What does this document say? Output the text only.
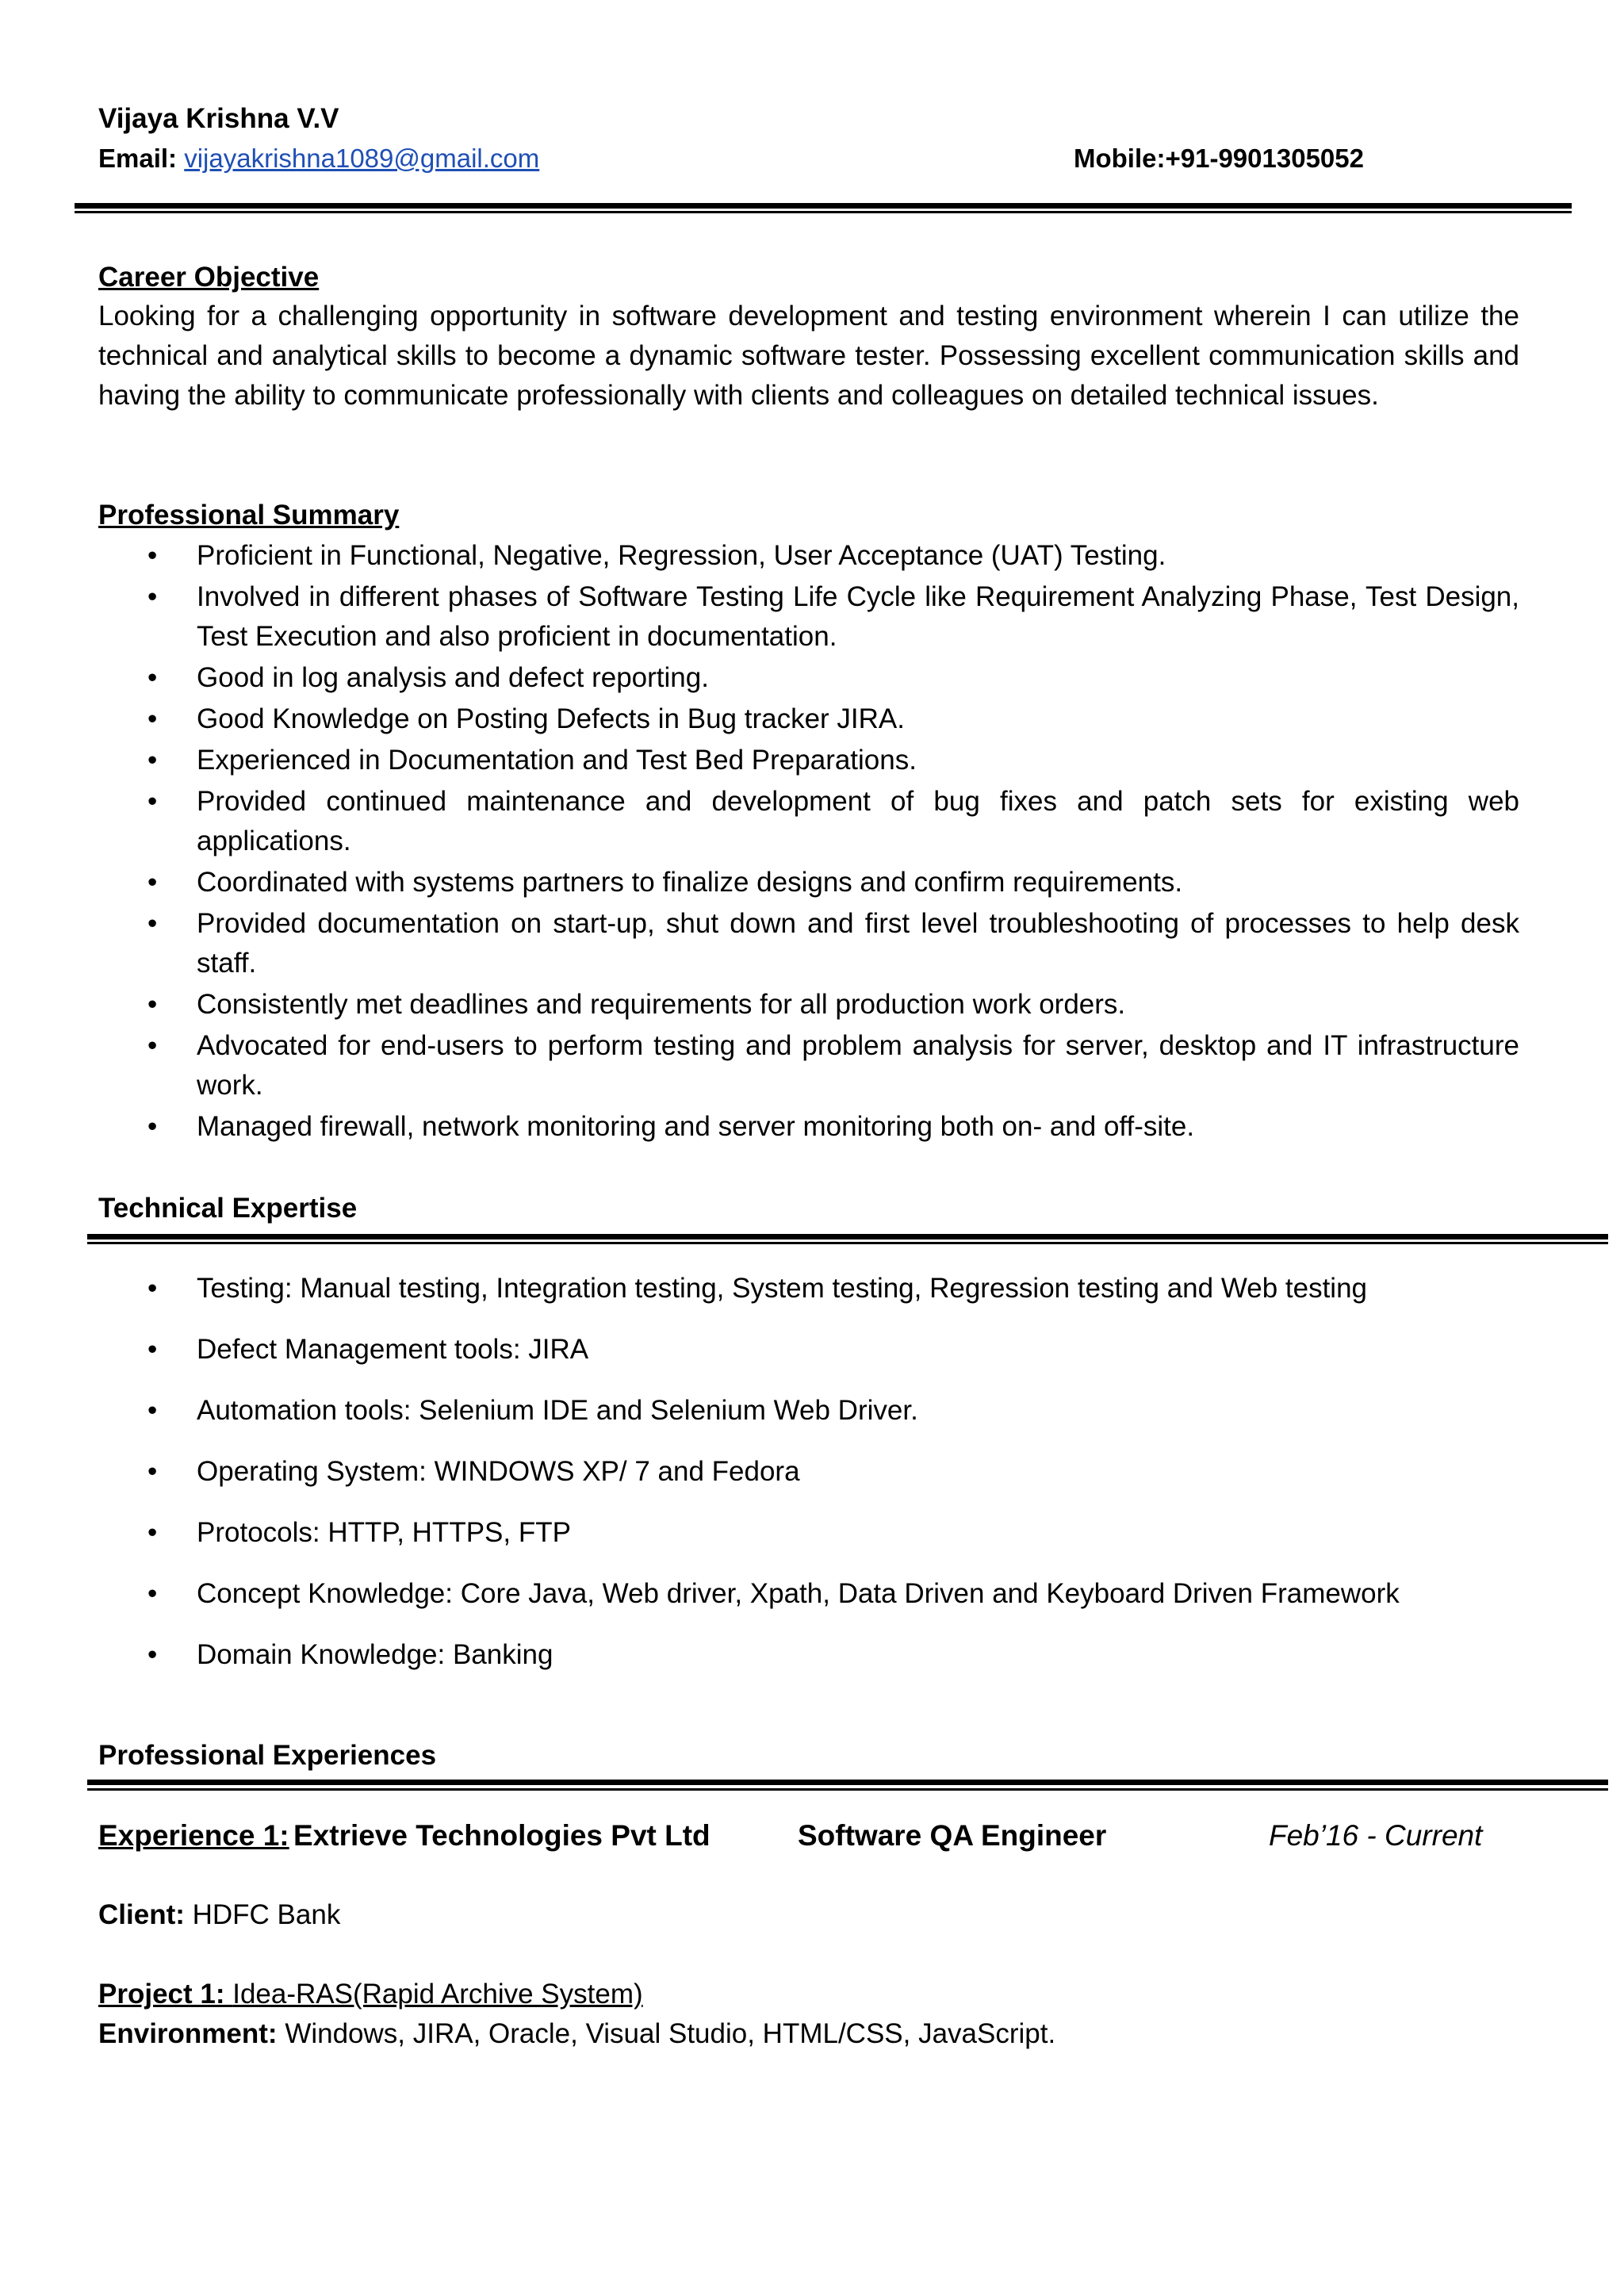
Vijaya Krishna V.V
Email: vijayakrishna1089@gmail.com	Mobile:+91-9901305052
Career Objective
Looking for a challenging opportunity in software development and testing environment wherein I can utilize the technical and analytical skills to become a dynamic software tester. Possessing excellent communication skills and having the ability to communicate professionally with clients and colleagues on detailed technical issues.
Professional Summary
• Proficient in Functional, Negative, Regression, User Acceptance (UAT) Testing.
• Involved in different phases of Software Testing Life Cycle like Requirement Analyzing Phase, Test Design, Test Execution and also proficient in documentation.
• Good in log analysis and defect reporting.
• Good Knowledge on Posting Defects in Bug tracker JIRA.
• Experienced in Documentation and Test Bed Preparations.
• Provided continued maintenance and development of bug fixes and patch sets for existing web applications.
• Coordinated with systems partners to finalize designs and confirm requirements.
• Provided documentation on start-up, shut down and first level troubleshooting of processes to help desk staff.
• Consistently met deadlines and requirements for all production work orders.
• Advocated for end-users to perform testing and problem analysis for server, desktop and IT infrastructure work.
• Managed firewall, network monitoring and server monitoring both on- and off-site.
Technical Expertise
• Testing: Manual testing, Integration testing, System testing, Regression testing and Web testing
• Defect Management tools: JIRA
• Automation tools: Selenium IDE and Selenium Web Driver.
• Operating System: WINDOWS XP/ 7 and Fedora
• Protocols: HTTP, HTTPS, FTP
• Concept Knowledge: Core Java, Web driver, Xpath, Data Driven and Keyboard Driven Framework
• Domain Knowledge: Banking
Professional Experiences
Experience 1: Extrieve Technologies Pvt Ltd	Software QA Engineer	Feb’16 - Current
Client: HDFC Bank
Project 1: Idea-RAS(Rapid Archive System)
Environment: Windows, JIRA, Oracle, Visual Studio, HTML/CSS, JavaScript.
